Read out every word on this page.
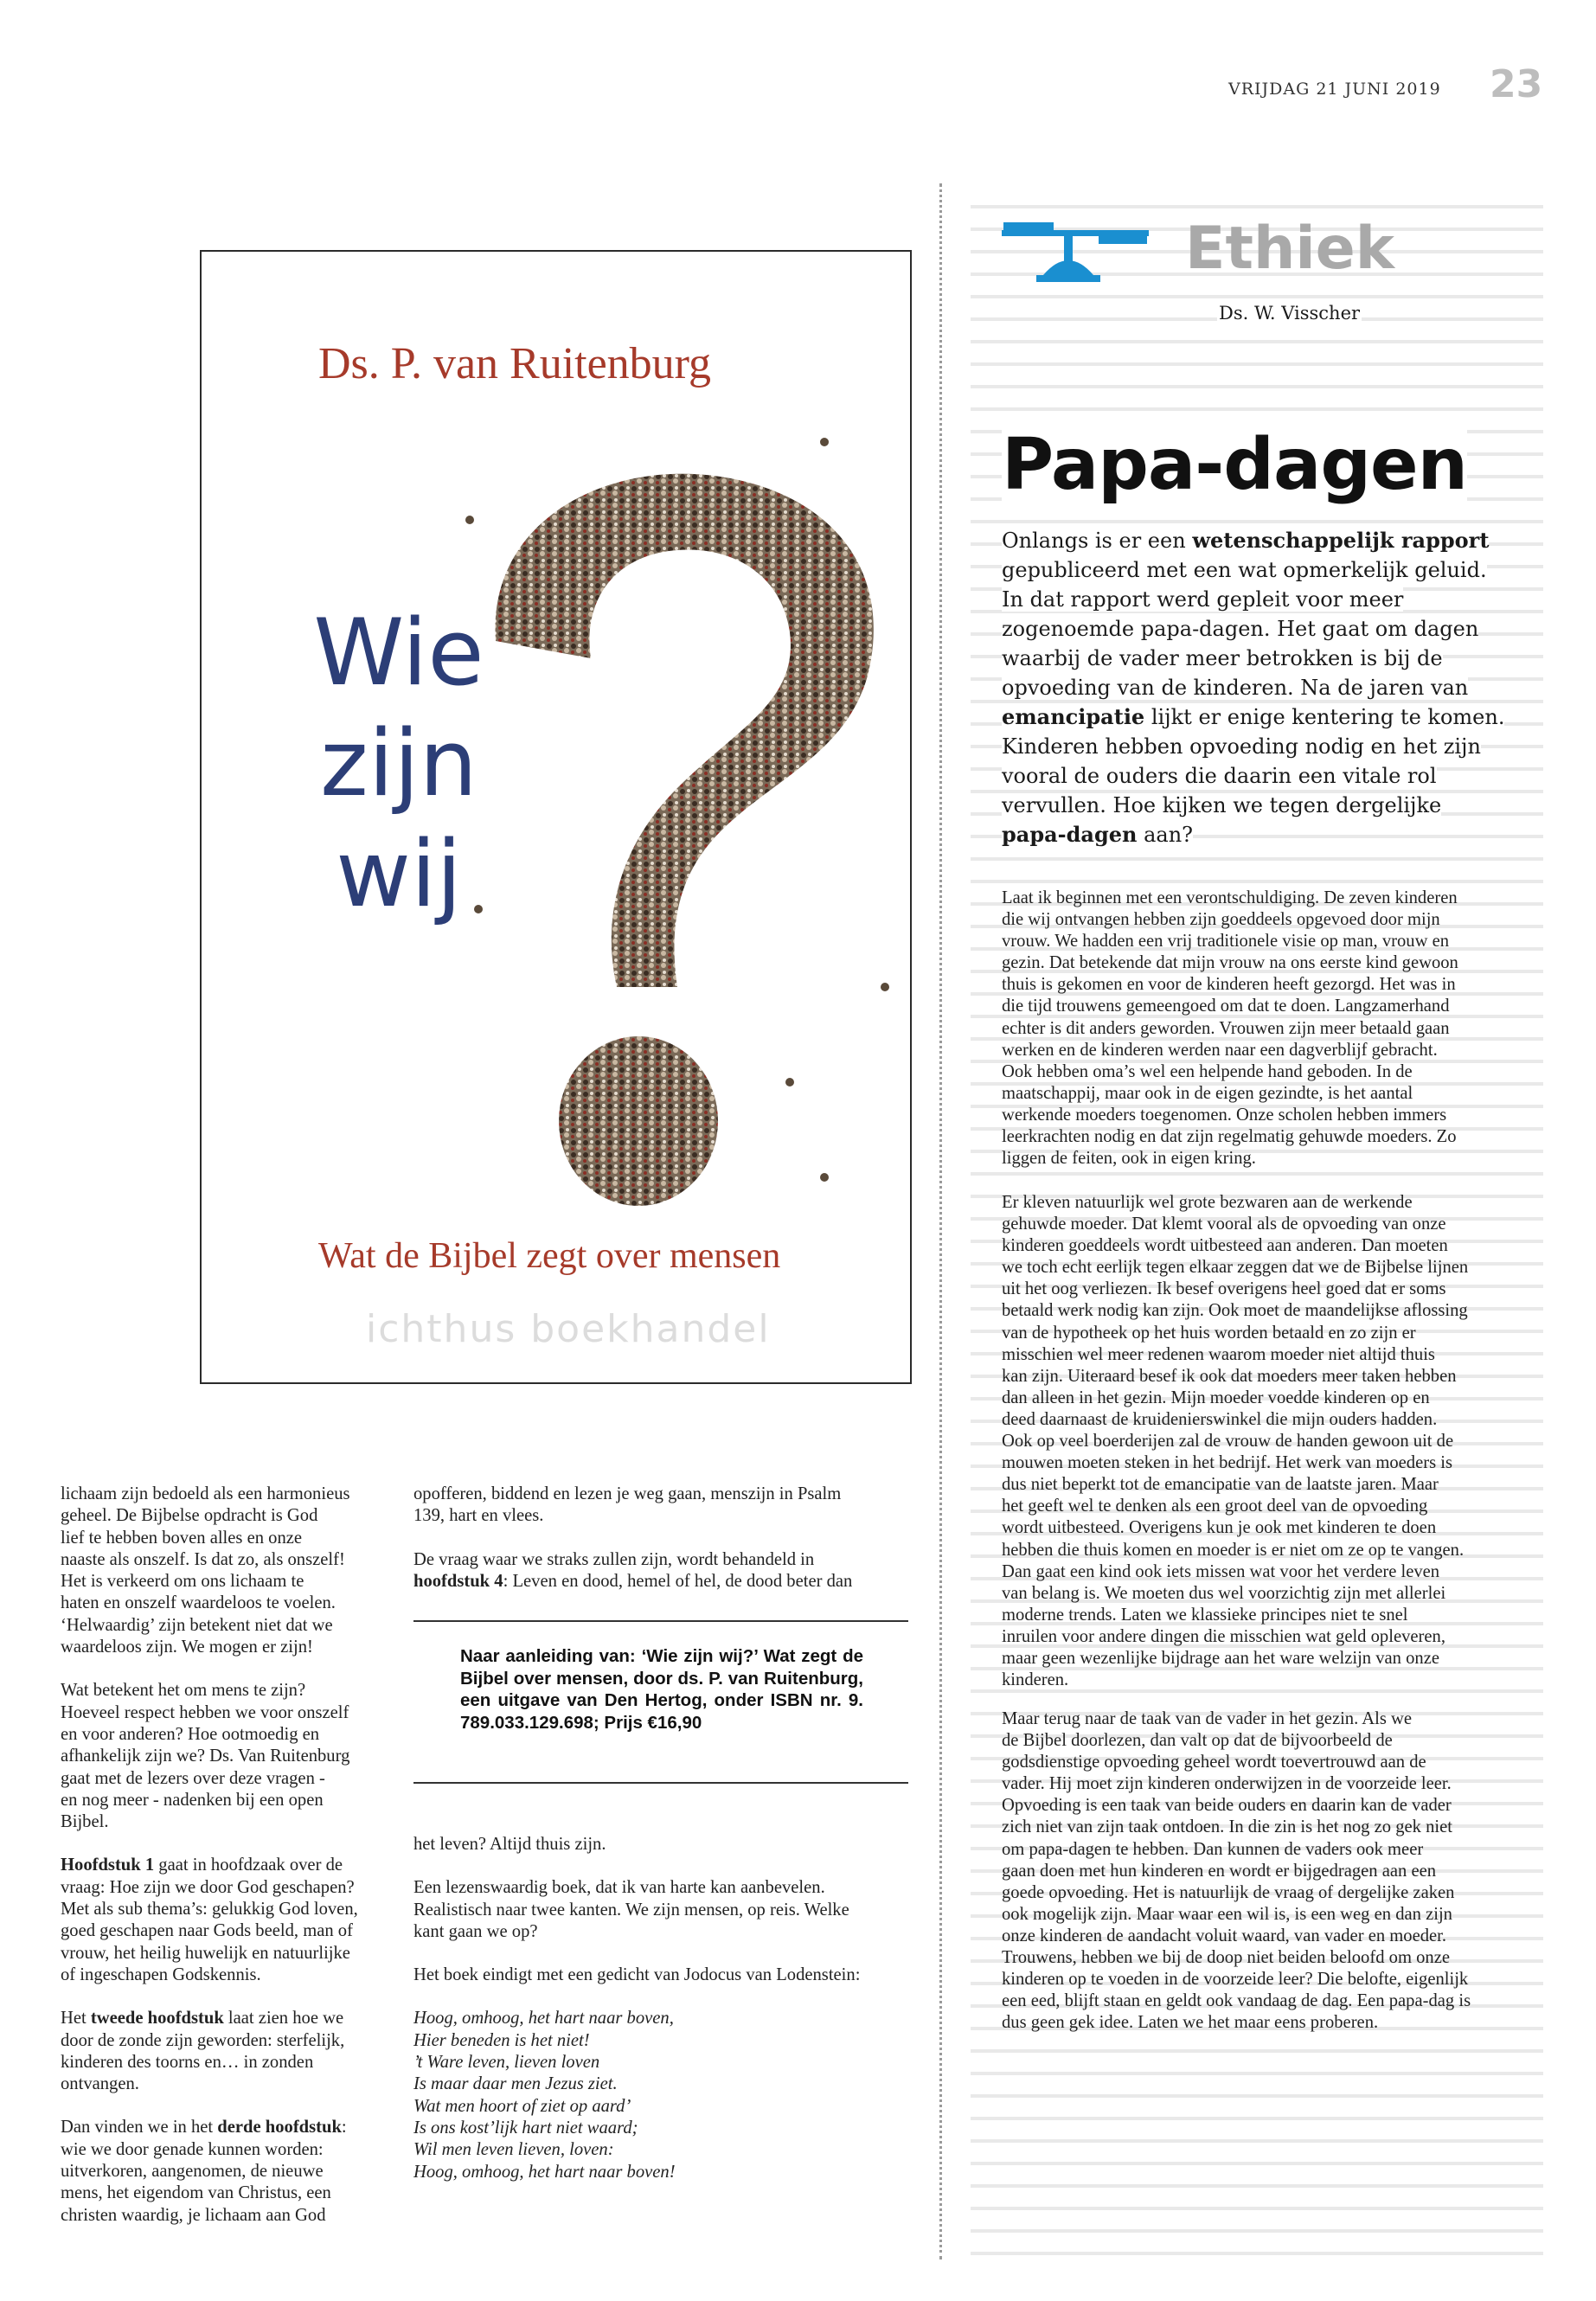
VRIJDAG 21 JUNI 2019 23
Ethiek
Ds. W. Visscher
Papa-dagen
Onlangs is er een wetenschappelijk rapport gepubliceerd met een wat opmerkelijk geluid. In dat rapport werd gepleit voor meer zogenoemde papa-dagen. Het gaat om dagen waarbij de vader meer betrokken is bij de opvoeding van de kinderen. Na de jaren van emancipatie lijkt er enige kentering te komen. Kinderen hebben opvoeding nodig en het zijn vooral de ouders die daarin een vitale rol vervullen. Hoe kijken we tegen dergelijke papa-dagen aan?

Laat ik beginnen met een verontschuldiging. De zeven kinderen

die wij ontvangen hebben zijn goeddeels opgevoed door mijn

vrouw. We hadden een vrij traditionele visie op man, vrouw en

gezin. Dat betekende dat mijn vrouw na ons eerste kind gewoon

thuis is gekomen en voor de kinderen heeft gezorgd. Het was in

die tijd trouwens gemeengoed om dat te doen. Langzamerhand

echter is dit anders geworden. Vrouwen zijn meer betaald gaan

werken en de kinderen werden naar een dagverblijf gebracht.

Ook hebben oma’s wel een helpende hand geboden. In de

maatschappij, maar ook in de eigen gezindte, is het aantal

werkende moeders toegenomen. Onze scholen hebben immers

leerkrachten nodig en dat zijn regelmatig gehuwde moeders. Zo

liggen de feiten, ook in eigen kring.

Er kleven natuurlijk wel grote bezwaren aan de werkende

gehuwde moeder. Dat klemt vooral als de opvoeding van onze

kinderen goeddeels wordt uitbesteed aan anderen. Dan moeten

we toch echt eerlijk tegen elkaar zeggen dat we de Bijbelse lijnen

uit het oog verliezen. Ik besef overigens heel goed dat er soms

betaald werk nodig kan zijn. Ook moet de maandelijkse aflossing

van de hypotheek op het huis worden betaald en zo zijn er

misschien wel meer redenen waarom moeder niet altijd thuis

kan zijn. Uiteraard besef ik ook dat moeders meer taken hebben

dan alleen in het gezin. Mijn moeder voedde kinderen op en

deed daarnaast de kruidenierswinkel die mijn ouders hadden.

Ook op veel boerderijen zal de vrouw de handen gewoon uit de

mouwen moeten steken in het bedrijf. Het werk van moeders is

dus niet beperkt tot de emancipatie van de laatste jaren. Maar

het geeft wel te denken als een groot deel van de opvoeding

wordt uitbesteed. Overigens kun je ook met kinderen te doen

hebben die thuis komen en moeder is er niet om ze op te vangen.

Dan gaat een kind ook iets missen wat voor het verdere leven

van belang is. We moeten dus wel voorzichtig zijn met allerlei

moderne trends. Laten we klassieke principes niet te snel

inruilen voor andere dingen die misschien wat geld opleveren,

maar geen wezenlijke bijdrage aan het ware welzijn van onze

kinderen.

Maar terug naar de taak van de vader in het gezin. Als we

de Bijbel doorlezen, dan valt op dat de bijvoorbeeld de

godsdienstige opvoeding geheel wordt toevertrouwd aan de

vader. Hij moet zijn kinderen onderwijzen in de voorzeide leer.

Opvoeding is een taak van beide ouders en daarin kan de vader

zich niet van zijn taak ontdoen. In die zin is het nog zo gek niet

om papa-dagen te hebben. Dan kunnen de vaders ook meer

gaan doen met hun kinderen en wordt er bijgedragen aan een

goede opvoeding. Het is natuurlijk de vraag of dergelijke zaken

ook mogelijk zijn. Maar waar een wil is, is een weg en dan zijn

onze kinderen de aandacht voluit waard, van vader en moeder.

Trouwens, hebben we bij de doop niet beiden beloofd om onze

kinderen op te voeden in de voorzeide leer? Die belofte, eigenlijk

een eed, blijft staan en geldt ook vandaag de dag. Een papa-dag is

dus geen gek idee. Laten we het maar eens proberen.

Ds. P. van Ruitenburg
Wie
zijn
wij
Wat de Bijbel zegt over mensen
ichthus boekhandel

lichaam zijn bedoeld als een harmonieus

geheel. De Bijbelse opdracht is God

lief te hebben boven alles en onze

naaste als onszelf. Is dat zo, als onszelf!

Het is verkeerd om ons lichaam te

haten en onszelf waardeloos te voelen.

‘Helwaardig’ zijn betekent niet dat we

waardeloos zijn. We mogen er zijn!

Wat betekent het om mens te zijn?

Hoeveel respect hebben we voor onszelf

en voor anderen? Hoe ootmoedig en

afhankelijk zijn we? Ds. Van Ruitenburg

gaat met de lezers over deze vragen -

en nog meer - nadenken bij een open

Bijbel.

Hoofdstuk 1 gaat in hoofdzaak over de

vraag: Hoe zijn we door God geschapen?

Met als sub thema’s: gelukkig God loven,

goed geschapen naar Gods beeld, man of

vrouw, het heilig huwelijk en natuurlijke

of ingeschapen Godskennis.

Het tweede hoofdstuk laat zien hoe we

door de zonde zijn geworden: sterfelijk,

kinderen des toorns en… in zonden

ontvangen.

Dan vinden we in het derde hoofdstuk:

wie we door genade kunnen worden:

uitverkoren, aangenomen, de nieuwe

mens, het eigendom van Christus, een

christen waardig, je lichaam aan God

opofferen, biddend en lezen je weg gaan, menszijn in Psalm

139, hart en vlees.

De vraag waar we straks zullen zijn, wordt behandeld in

hoofdstuk 4: Leven en dood, hemel of hel, de dood beter dan

Naar aanleiding van: ‘Wie zijn wij?’ Wat zegt de Bijbel over mensen, door ds. P. van Ruitenburg, een uitgave van Den Hertog, onder ISBN nr. 9. 789.033.129.698; Prijs €16,90

het leven? Altijd thuis zijn.

Een lezenswaardig boek, dat ik van harte kan aanbevelen.

Realistisch naar twee kanten. We zijn mensen, op reis. Welke

kant gaan we op?

Het boek eindigt met een gedicht van Jodocus van Lodenstein:

Hoog, omhoog, het hart naar boven,

Hier beneden is het niet!

’t Ware leven, lieven loven

Is maar daar men Jezus ziet.

Wat men hoort of ziet op aard’

Is ons kost’lijk hart niet waard;

Wil men leven lieven, loven:

Hoog, omhoog, het hart naar boven!
